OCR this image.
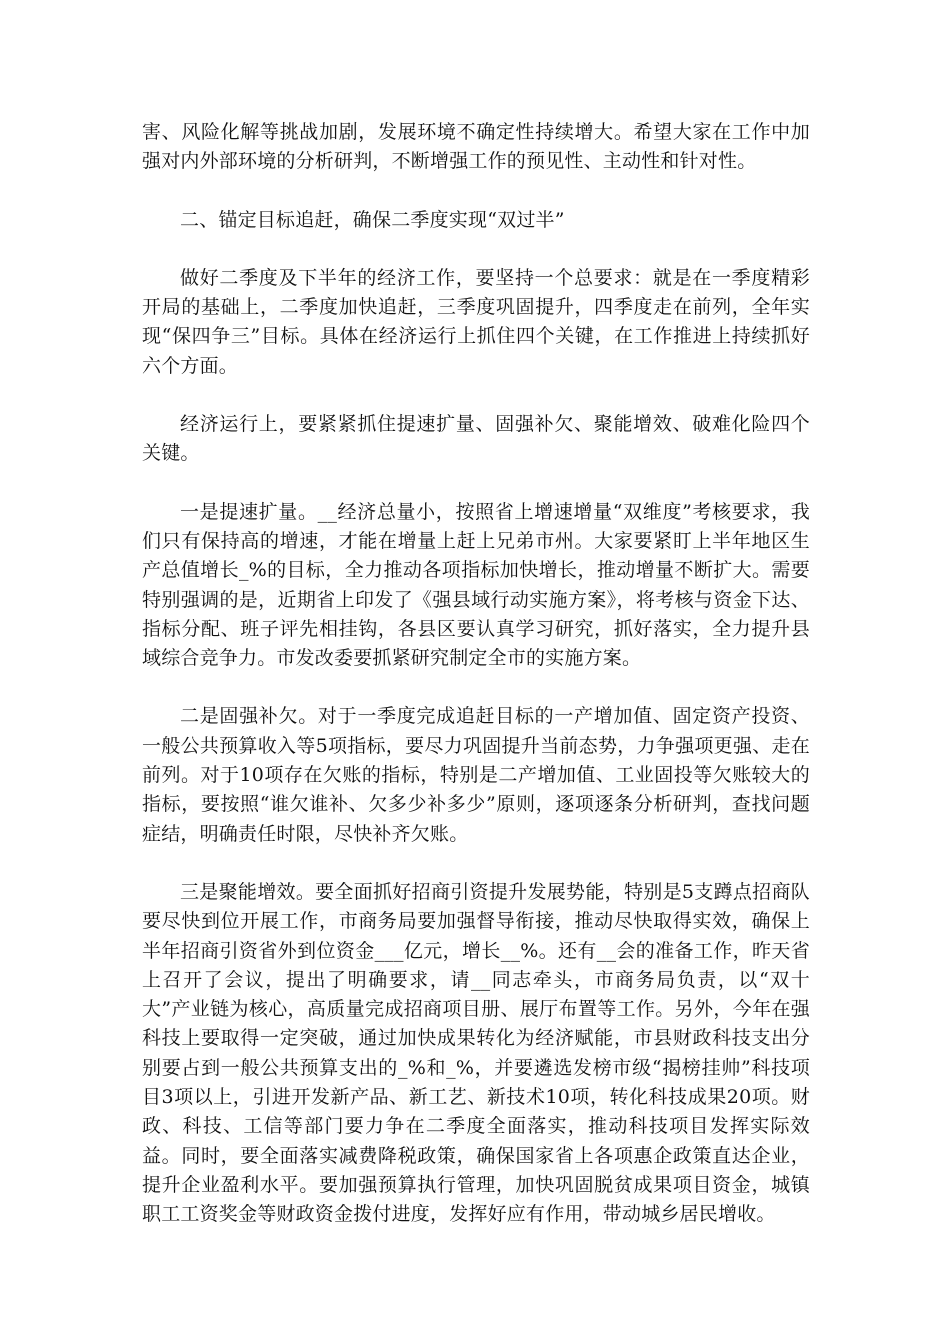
害、风险化解等挑战加剧，发展环境不确定性持续增大。希望大家在工作中加强对内外部环境的分析研判，不断增强工作的预见性、主动性和针对性。

二、锚定目标追赶，确保二季度实现“双过半”

做好二季度及下半年的经济工作，要坚持一个总要求：就是在一季度精彩开局的基础上，二季度加快追赶，三季度巩固提升，四季度走在前列，全年实现“保四争三”目标。具体在经济运行上抓住四个关键，在工作推进上持续抓好六个方面。

经济运行上，要紧紧抓住提速扩量、固强补欠、聚能增效、破难化险四个关键。

一是提速扩量。__经济总量小，按照省上增速增量“双维度”考核要求，我们只有保持高的增速，才能在增量上赶上兄弟市州。大家要紧盯上半年地区生产总值增长_%的目标，全力推动各项指标加快增长，推动增量不断扩大。需要特别强调的是，近期省上印发了《强县域行动实施方案》，将考核与资金下达、指标分配、班子评先相挂钩，各县区要认真学习研究，抓好落实，全力提升县域综合竞争力。市发改委要抓紧研究制定全市的实施方案。

二是固强补欠。对于一季度完成追赶目标的一产增加值、固定资产投资、一般公共预算收入等5项指标，要尽力巩固提升当前态势，力争强项更强、走在前列。对于10项存在欠账的指标，特别是二产增加值、工业固投等欠账较大的指标，要按照“谁欠谁补、欠多少补多少”原则，逐项逐条分析研判，查找问题症结，明确责任时限，尽快补齐欠账。

三是聚能增效。要全面抓好招商引资提升发展势能，特别是5支蹲点招商队要尽快到位开展工作，市商务局要加强督导衔接，推动尽快取得实效，确保上半年招商引资省外到位资金___亿元，增长__%。还有__会的准备工作，昨天省上召开了会议，提出了明确要求，请__同志牵头，市商务局负责，以“双十大”产业链为核心，高质量完成招商项目册、展厅布置等工作。另外，今年在强科技上要取得一定突破，通过加快成果转化为经济赋能，市县财政科技支出分别要占到一般公共预算支出的_%和_%，并要遴选发榜市级“揭榜挂帅”科技项目3项以上，引进开发新产品、新工艺、新技术10项，转化科技成果20项。财政、科技、工信等部门要力争在二季度全面落实，推动科技项目发挥实际效益。同时，要全面落实减费降税政策，确保国家省上各项惠企政策直达企业，提升企业盈利水平。要加强预算执行管理，加快巩固脱贫成果项目资金，城镇职工工资奖金等财政资金拨付进度，发挥好应有作用，带动城乡居民增收。
